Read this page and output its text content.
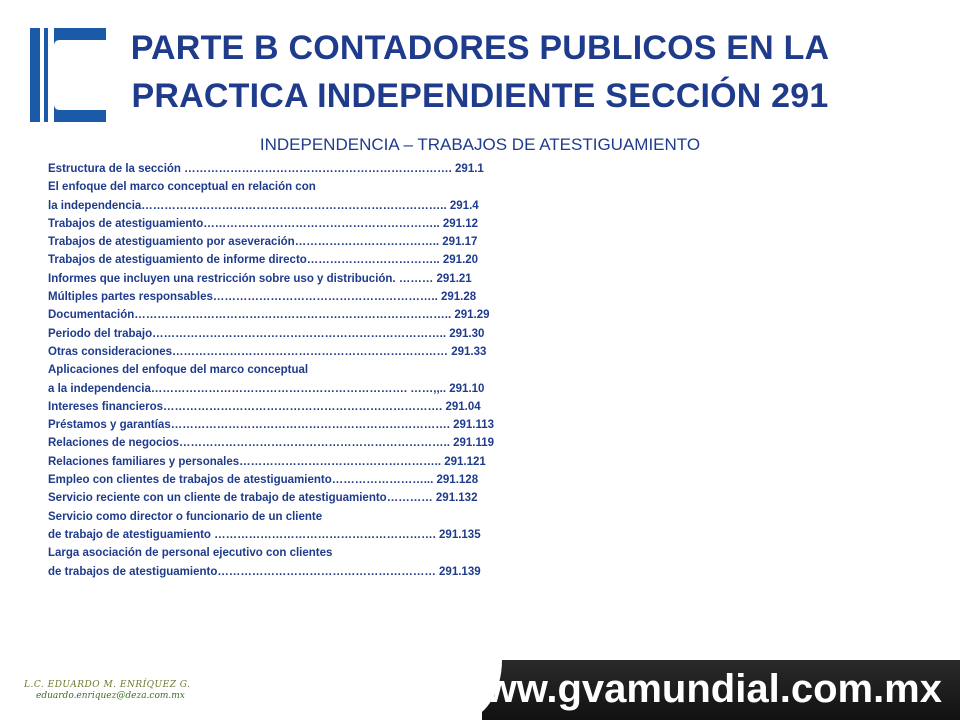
PARTE B CONTADORES PUBLICOS EN LA
PRACTICA INDEPENDIENTE SECCIÓN 291
INDEPENDENCIA – TRABAJOS DE ATESTIGUAMIENTO
Estructura de la sección ……………………………………………………………. 291.1
El enfoque del marco conceptual en relación con
la independencia…………………………………………………………………….. 291.4
Trabajos de atestiguamiento…………………………………………………….. 291.12
Trabajos de atestiguamiento por aseveración……………………………….. 291.17
Trabajos de atestiguamiento de informe directo…………………………….. 291.20
Informes que incluyen una restricción sobre uso y distribución. ……… 291.21
Múltiples partes responsables………………………………………………….. 291.28
Documentación……………………………………………………………………….. 291.29
Periodo del trabajo………………………………………………………………….. 291.30
Otras consideraciones……………………………………………………………… 291.33
Aplicaciones del enfoque del marco conceptual
a la independencia…………………………………………………………. ……,,.. 291.10
Intereses financieros………………………………………………………………. 291.04
Préstamos y garantías………………………………………………………………. 291.113
Relaciones de negocios…………………………………………………………….. 291.119
Relaciones familiares y personales…………………………………………….. 291.121
Empleo con clientes de trabajos de atestiguamiento……………………... 291.128
Servicio reciente con un cliente de trabajo de atestiguamiento………… 291.132
Servicio como director o funcionario de un cliente
de trabajo de atestiguamiento …………………………………………………. 291.135
Larga asociación de personal ejecutivo con clientes
de trabajos de atestiguamiento………………………………………………… 291.139
L.C. EDUARDO M. ENRÍQUEZ G.
eduardo.enriquez@deza.com.mx	www.gvamundial.com.mx
